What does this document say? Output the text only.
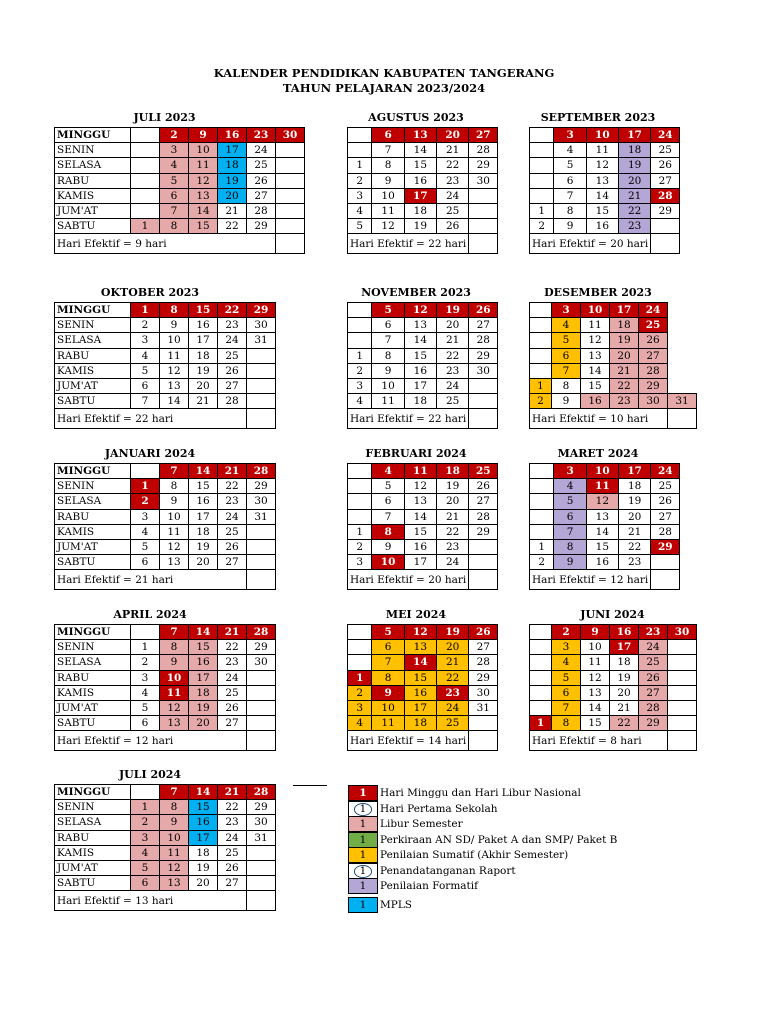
KALENDER PENDIDIKAN KABUPATEN TANGERANG
TAHUN PELAJARAN 2023/2024
JULI 2023
MINGGU		2	9	16	23	30
SENIN		3	10	17	24	
SELASA		4	11	18	25	
RABU		5	12	19	26	
KAMIS		6	13	20	27	
JUM'AT		7	14	21	28	
SABTU	1	8	15	22	29	
Hari Efektif = 9 hari						
AGUSTUS 2023
	6	13	20	27
	7	14	21	28
1	8	15	22	29
2	9	16	23	30
3	10	17	24	
4	11	18	25	
5	12	19	26	
Hari Efektif = 22 hari				
SEPTEMBER 2023
	3	10	17	24
	4	11	18	25
	5	12	19	26
	6	13	20	27
	7	14	21	28
1	8	15	22	29
2	9	16	23	
Hari Efektif = 20 hari				
OKTOBER 2023
MINGGU	1	8	15	22	29
SENIN	2	9	16	23	30
SELASA	3	10	17	24	31
RABU	4	11	18	25	
KAMIS	5	12	19	26	
JUM'AT	6	13	20	27	
SABTU	7	14	21	28	
Hari Efektif = 22 hari					
NOVEMBER 2023
	5	12	19	26
	6	13	20	27
	7	14	21	28
1	8	15	22	29
2	9	16	23	30
3	10	17	24	
4	11	18	25	
Hari Efektif = 22 hari				
DESEMBER 2023
	3	10	17	24	
	4	11	18	25	
	5	12	19	26	
	6	13	20	27	
	7	14	21	28	
1	8	15	22	29	
2	9	16	23	30	31
Hari Efektif = 10 hari					
JANUARI 2024
MINGGU		7	14	21	28
SENIN	1	8	15	22	29
SELASA	2	9	16	23	30
RABU	3	10	17	24	31
KAMIS	4	11	18	25	
JUM'AT	5	12	19	26	
SABTU	6	13	20	27	
Hari Efektif = 21 hari					
FEBRUARI 2024
	4	11	18	25
	5	12	19	26
	6	13	20	27
	7	14	21	28
1	8	15	22	29
2	9	16	23	
3	10	17	24	
Hari Efektif = 20 hari				
MARET 2024
	3	10	17	24
	4	11	18	25
	5	12	19	26
	6	13	20	27
	7	14	21	28
1	8	15	22	29
2	9	16	23	
Hari Efektif = 12 hari				
APRIL 2024
MINGGU		7	14	21	28
SENIN	1	8	15	22	29
SELASA	2	9	16	23	30
RABU	3	10	17	24	
KAMIS	4	11	18	25	
JUM'AT	5	12	19	26	
SABTU	6	13	20	27	
Hari Efektif = 12 hari					
MEI 2024
	5	12	19	26
	6	13	20	27
	7	14	21	28
1	8	15	22	29
2	9	16	23	30
3	10	17	24	31
4	11	18	25	
Hari Efektif = 14 hari				
JUNI 2024
	2	9	16	23	30
	3	10	17	24	
	4	11	18	25	
	5	12	19	26	
	6	13	20	27	
	7	14	21	28	
1	8	15	22	29	
Hari Efektif = 8 hari					
JULI 2024
MINGGU		7	14	21	28
SENIN	1	8	15	22	29
SELASA	2	9	16	23	30
RABU	3	10	17	24	31
KAMIS	4	11	18	25	
JUM'AT	5	12	19	26	
SABTU	6	13	20	27	
Hari Efektif = 13 hari					
1	Hari Minggu dan Hari Libur Nasional
1	Hari Pertama Sekolah
1	Libur Semester
1	Perkiraan AN SD/ Paket A dan SMP/ Paket B
1	Penilaian Sumatif (Akhir Semester)
1	Penandatanganan Raport
1	Penilaian Formatif
1	MPLS
